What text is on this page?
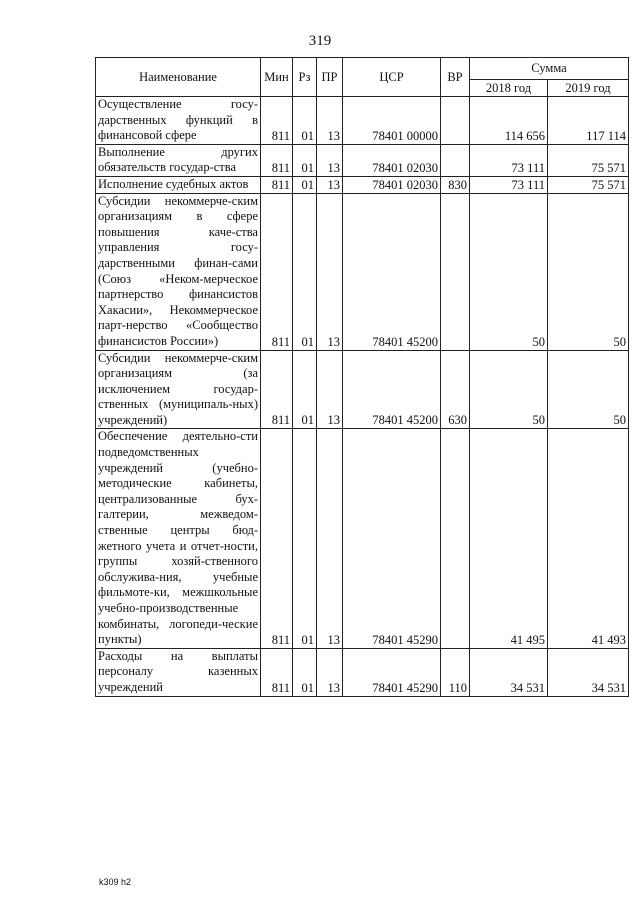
319
Наименование	Мин	Рз	ПР	ЦСР	ВР	Сумма	
						2018 год	2019 год
Осуществление госу-дарственных функций в финансовой сфере	811	01	13	78401 00000		114 656	117 114
Выполнение других обязательств государ-ства	811	01	13	78401 02030		73 111	75 571
Исполнение судебных актов	811	01	13	78401 02030	830	73 111	75 571
Субсидии некоммерче-ским организациям в сфере повышения каче-ства управления госу-дарственными финан-сами (Союз «Неком-мерческое партнерство финансистов Хакасии», Некоммерческое парт-нерство «Сообщество финансистов России»)	811	01	13	78401 45200		50	50
Субсидии некоммерче-ским организациям (за исключением государ-ственных (муниципаль-ных) учреждений)	811	01	13	78401 45200	630	50	50
Обеспечение деятельно-сти подведомственных учреждений (учебно-методические кабинеты, централизованные бух-галтерии, межведом-ственные центры бюд-жетного учета и отчет-ности, группы хозяй-ственного обслужива-ния, учебные фильмоте-ки, межшкольные учебно-производственные комбинаты, логопеди-ческие пункты)	811	01	13	78401 45290		41 495	41 493
Расходы на выплаты персоналу казенных учреждений	811	01	13	78401 45290	110	34 531	34 531
k309 h2
